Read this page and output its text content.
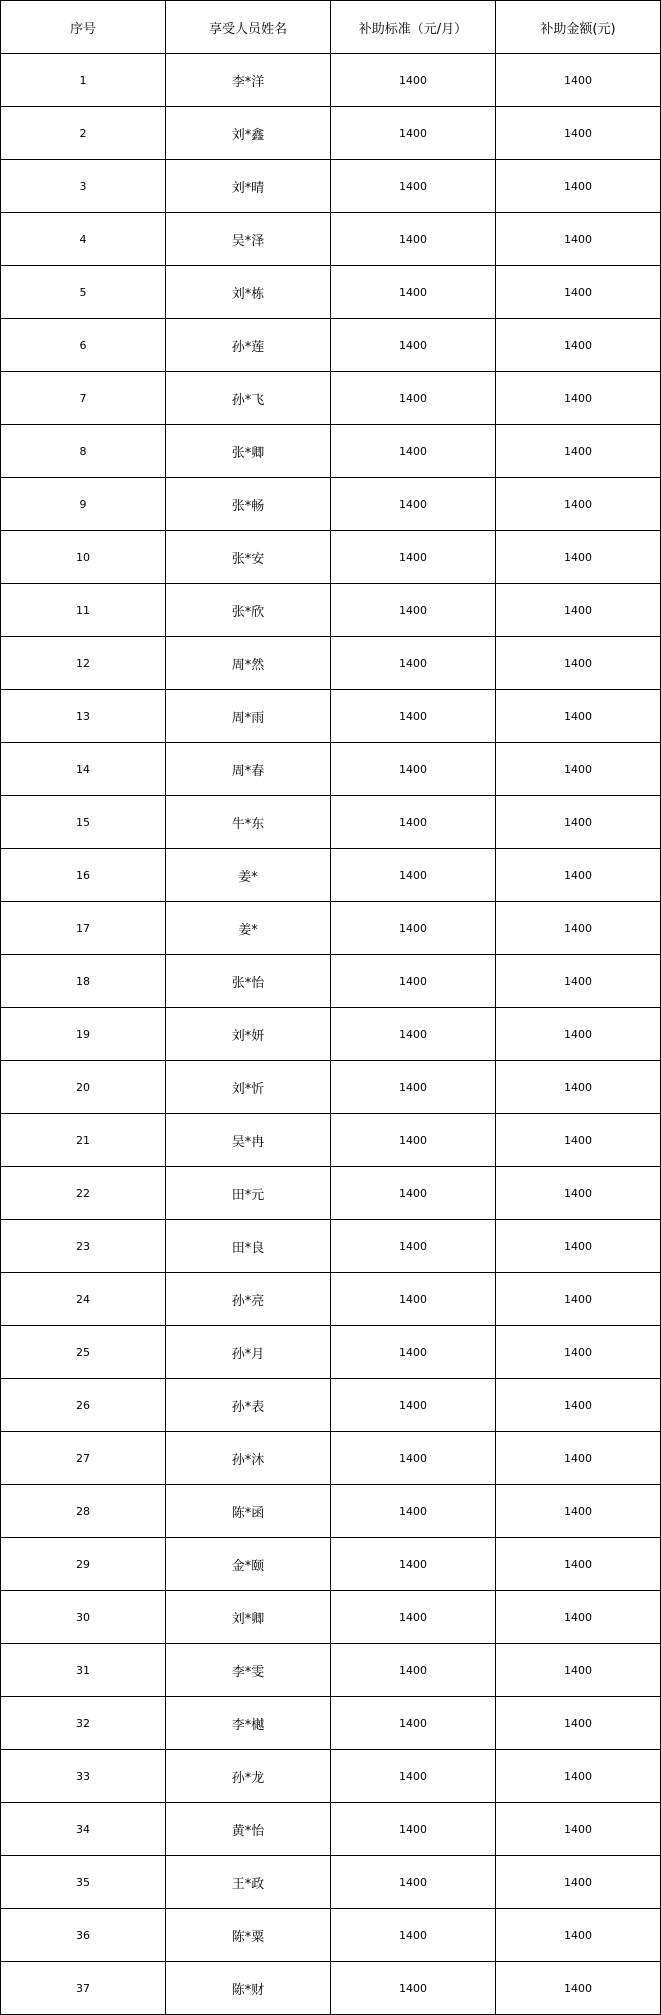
序号	享受人员姓名	补助标准（元/月）	补助金额(元)
1	李*洋	1400	1400
2	刘*鑫	1400	1400
3	刘*晴	1400	1400
4	吴*泽	1400	1400
5	刘*栋	1400	1400
6	孙*莲	1400	1400
7	孙*飞	1400	1400
8	张*卿	1400	1400
9	张*畅	1400	1400
10	张*安	1400	1400
11	张*欣	1400	1400
12	周*然	1400	1400
13	周*雨	1400	1400
14	周*春	1400	1400
15	牛*东	1400	1400
16	姜*	1400	1400
17	姜*	1400	1400
18	张*怡	1400	1400
19	刘*妍	1400	1400
20	刘*忻	1400	1400
21	吴*冉	1400	1400
22	田*元	1400	1400
23	田*良	1400	1400
24	孙*亮	1400	1400
25	孙*月	1400	1400
26	孙*表	1400	1400
27	孙*沐	1400	1400
28	陈*函	1400	1400
29	金*颐	1400	1400
30	刘*卿	1400	1400
31	李*雯	1400	1400
32	李*樾	1400	1400
33	孙*龙	1400	1400
34	黄*怡	1400	1400
35	王*政	1400	1400
36	陈*粟	1400	1400
37	陈*财	1400	1400
